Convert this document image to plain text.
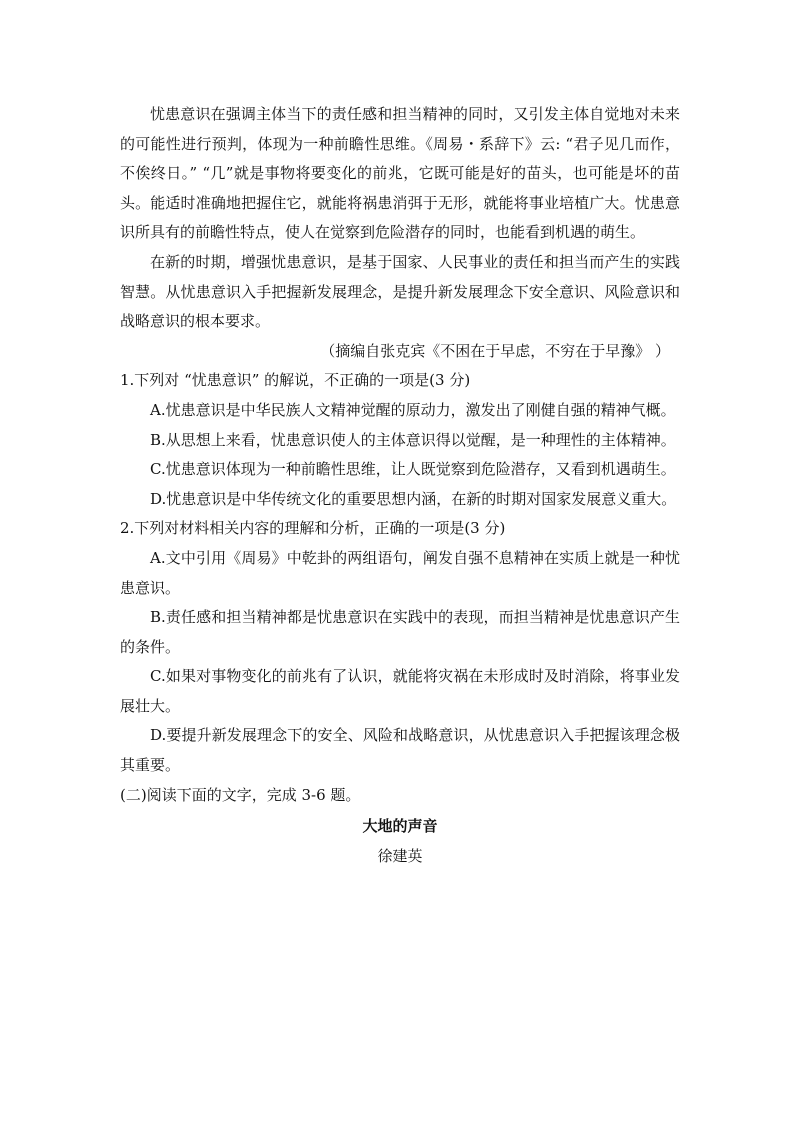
忧患意识在强调主体当下的责任感和担当精神的同时，又引发主体自觉地对未来的可能性进行预判，体现为一种前瞻性思维。《周易・系辞下》云: “君子见几而作，不俟终日。” “几”就是事物将要变化的前兆，它既可能是好的苗头，也可能是坏的苗头。能适时准确地把握住它，就能将祸患消弭于无形，就能将事业培植广大。忧患意识所具有的前瞻性特点，使人在觉察到危险潜存的同时，也能看到机遇的萌生。

在新的时期，增强忧患意识，是基于国家、人民事业的责任和担当而产生的实践智慧。从忧患意识入手把握新发展理念，是提升新发展理念下安全意识、风险意识和战略意识的根本要求。

（摘编自张克宾《不困在于早虑，不穷在于早豫》 ）

1.下列对 “忧患意识” 的解说，不正确的一项是(3 分)

A.忧患意识是中华民族人文精神觉醒的原动力，激发出了刚健自强的精神气概。

B.从思想上来看，忧患意识使人的主体意识得以觉醒，是一种理性的主体精神。

C.忧患意识体现为一种前瞻性思维，让人既觉察到危险潜存，又看到机遇萌生。

D.忧患意识是中华传统文化的重要思想内涵，在新的时期对国家发展意义重大。

2.下列对材料相关内容的理解和分析，正确的一项是(3 分)

A.文中引用《周易》中乾卦的两组语句，阐发自强不息精神在实质上就是一种忧患意识。

B.责任感和担当精神都是忧患意识在实践中的表现，而担当精神是忧患意识产生的条件。

C.如果对事物变化的前兆有了认识，就能将灾祸在未形成时及时消除，将事业发展壮大。

D.要提升新发展理念下的安全、风险和战略意识，从忧患意识入手把握该理念极其重要。

(二)阅读下面的文字，完成 3-6 题。

大地的声音

徐建英
